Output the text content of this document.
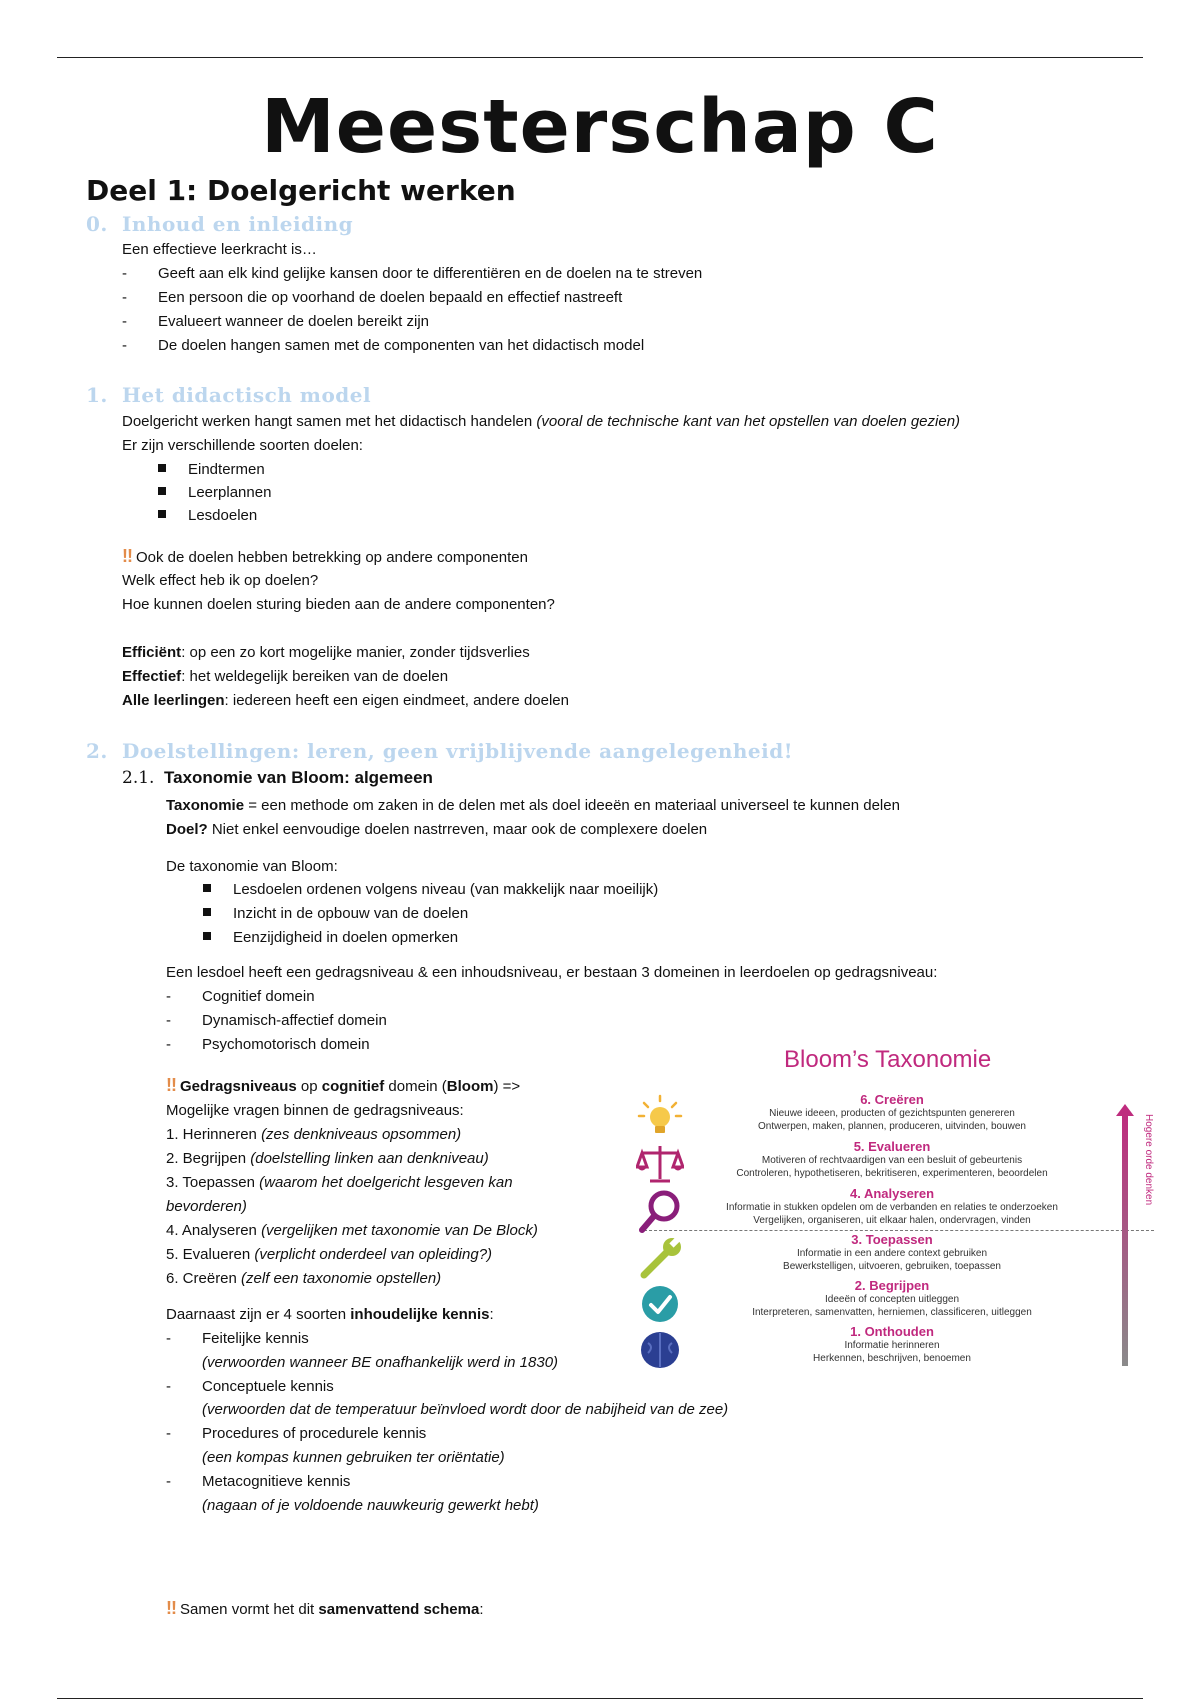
Meesterschap C
Deel 1: Doelgericht werken
0. Inhoud en inleiding
Een effectieve leerkracht is…
- Geeft aan elk kind gelijke kansen door te differentiëren en de doelen na te streven
- Een persoon die op voorhand de doelen bepaald en effectief nastreeft
- Evalueert wanneer de doelen bereikt zijn
- De doelen hangen samen met de componenten van het didactisch model
1. Het didactisch model
Doelgericht werken hangt samen met het didactisch handelen (vooral de technische kant van het opstellen van doelen gezien)
Er zijn verschillende soorten doelen:
Eindtermen
Leerplannen
Lesdoelen
!! Ook de doelen hebben betrekking op andere componenten
Welk effect heb ik op doelen?
Hoe kunnen doelen sturing bieden aan de andere componenten?
Efficiënt: op een zo kort mogelijke manier, zonder tijdsverlies
Effectief: het weldegelijk bereiken van de doelen
Alle leerlingen: iedereen heeft een eigen eindmeet, andere doelen
2. Doelstellingen: leren, geen vrijblijvende aangelegenheid!
2.1. Taxonomie van Bloom: algemeen
Taxonomie = een methode om zaken in de delen met als doel ideeën en materiaal universeel te kunnen delen
Doel? Niet enkel eenvoudige doelen nastrreven, maar ook de complexere doelen
De taxonomie van Bloom:
Lesdoelen ordenen volgens niveau (van makkelijk naar moeilijk)
Inzicht in de opbouw van de doelen
Eenzijdigheid in doelen opmerken
Een lesdoel heeft een gedragsniveau & een inhoudsniveau, er bestaan 3 domeinen in leerdoelen op gedragsniveau:
- Cognitief domein
- Dynamisch-affectief domein
- Psychomotorisch domein
!! Gedragsniveaus op cognitief domein (Bloom) =>
Mogelijke vragen binnen de gedragsniveaus:
1. Herinneren (zes denkniveaus opsommen)
2. Begrijpen (doelstelling linken aan denkniveau)
3. Toepassen (waarom het doelgericht lesgeven kan
bevorderen)
4. Analyseren (vergelijken met taxonomie van De Block)
5. Evalueren (verplicht onderdeel van opleiding?)
6. Creëren (zelf een taxonomie opstellen)
Daarnaast zijn er 4 soorten inhoudelijke kennis:
- Feitelijke kennis
(verwoorden wanneer BE onafhankelijk werd in 1830)
- Conceptuele kennis
(verwoorden dat de temperatuur beïnvloed wordt door de nabijheid van de zee)
- Procedures of procedurele kennis
(een kompas kunnen gebruiken ter oriëntatie)
- Metacognitieve kennis
(nagaan of je voldoende nauwkeurig gewerkt hebt)
!! Samen vormt het dit samenvattend schema:
Bloom’s Taxonomie
6. Creëren
Nieuwe ideeen, producten of gezichtspunten genereren
Ontwerpen, maken, plannen, produceren, uitvinden, bouwen
5. Evalueren
Motiveren of rechtvaardigen van een besluit of gebeurtenis
Controleren, hypothetiseren, bekritiseren, experimenteren, beoordelen
4. Analyseren
Informatie in stukken opdelen om de verbanden en relaties te onderzoeken
Vergelijken, organiseren, uit elkaar halen, ondervragen, vinden
3. Toepassen
Informatie in een andere context gebruiken
Bewerkstelligen, uitvoeren, gebruiken, toepassen
2. Begrijpen
Ideeën of concepten uitleggen
Interpreteren, samenvatten, herniemen, classificeren, uitleggen
1. Onthouden
Informatie herinneren
Herkennen, beschrijven, benoemen
Hogere orde denken
